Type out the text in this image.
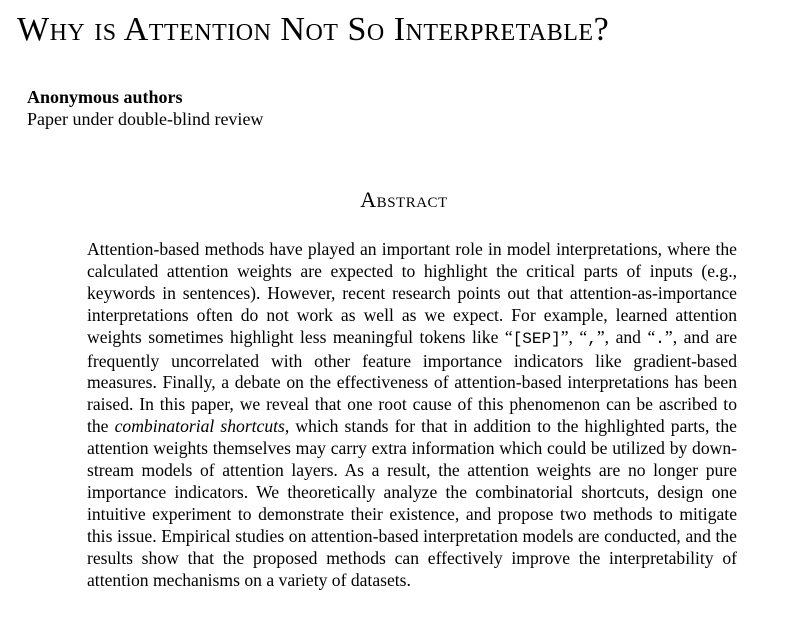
Why is Attention Not So Interpretable?
Anonymous authors
Paper under double-blind review
Abstract

Attention-based methods have played an important role in model interpretations, where the calculated attention weights are expected to highlight the critical parts of inputs (e.g., keywords in sentences). However, recent research points out that attention-as-importance interpretations often do not work as well as we expect. For example, learned attention weights sometimes highlight less meaningful tokens like “[SEP]”, “,”, and “.”, and are frequently uncorrelated with other feature importance indicators like gradient-based measures. Finally, a debate on the effectiveness of attention-based interpretations has been raised. In this paper, we reveal that one root cause of this phenomenon can be ascribed to the combinatorial shortcuts, which stands for that in addition to the highlighted parts, the attention weights themselves may carry extra information which could be utilized by downstream models of attention layers. As a result, the attention weights are no longer pure importance indicators. We theoretically analyze the combinatorial shortcuts, design one intuitive experiment to demonstrate their existence, and propose two methods to mitigate this issue. Empirical studies on attention-based interpretation models are conducted, and the results show that the proposed methods can effectively improve the interpretability of attention mechanisms on a variety of datasets.
